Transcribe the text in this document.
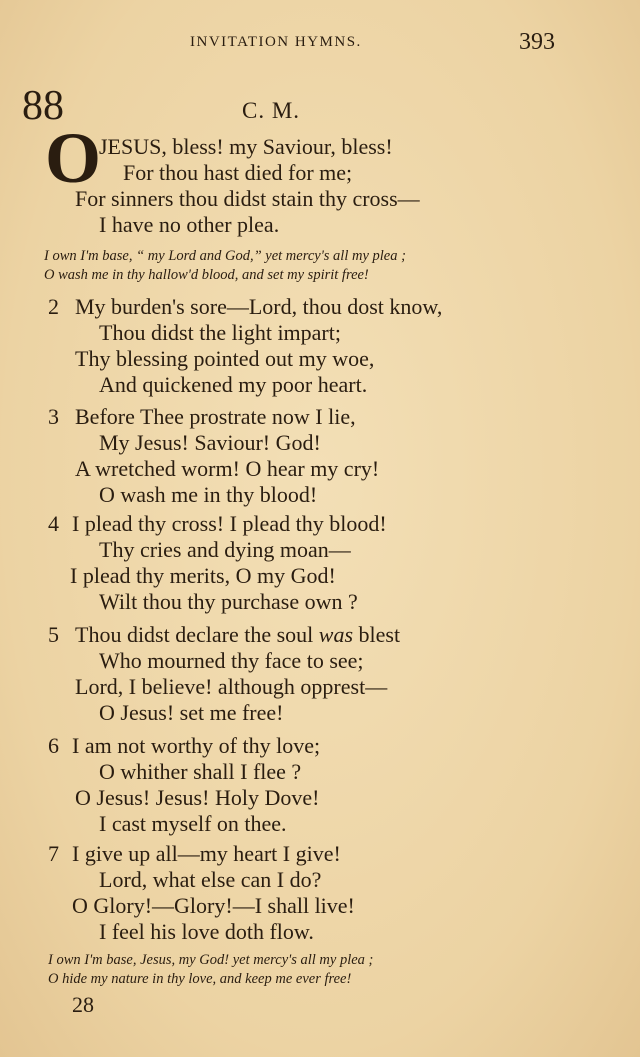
INVITATION HYMNS.	393
88	C. M.
O
JESUS, bless! my Saviour, bless!
For thou hast died for me;
For sinners thou didst stain thy cross—
I have no other plea.
I own I'm base, “ my Lord and God,” yet mercy's all my plea ;
O wash me in thy hallow'd blood, and set my spirit free!
2 My burden's sore—Lord, thou dost know,
Thou didst the light impart;
Thy blessing pointed out my woe,
And quickened my poor heart.
3 Before Thee prostrate now I lie,
My Jesus! Saviour! God!
A wretched worm! O hear my cry!
O wash me in thy blood!
4 I plead thy cross! I plead thy blood!
Thy cries and dying moan—
I plead thy merits, O my God!
Wilt thou thy purchase own ?
5 Thou didst declare the soul was blest
Who mourned thy face to see;
Lord, I believe! although opprest—
O Jesus! set me free!
6 I am not worthy of thy love;
O whither shall I flee ?
O Jesus! Jesus! Holy Dove!
I cast myself on thee.
7 I give up all—my heart I give!
Lord, what else can I do?
O Glory!—Glory!—I shall live!
I feel his love doth flow.
I own I'm base, Jesus, my God! yet mercy's all my plea ;
O hide my nature in thy love, and keep me ever free!
28
